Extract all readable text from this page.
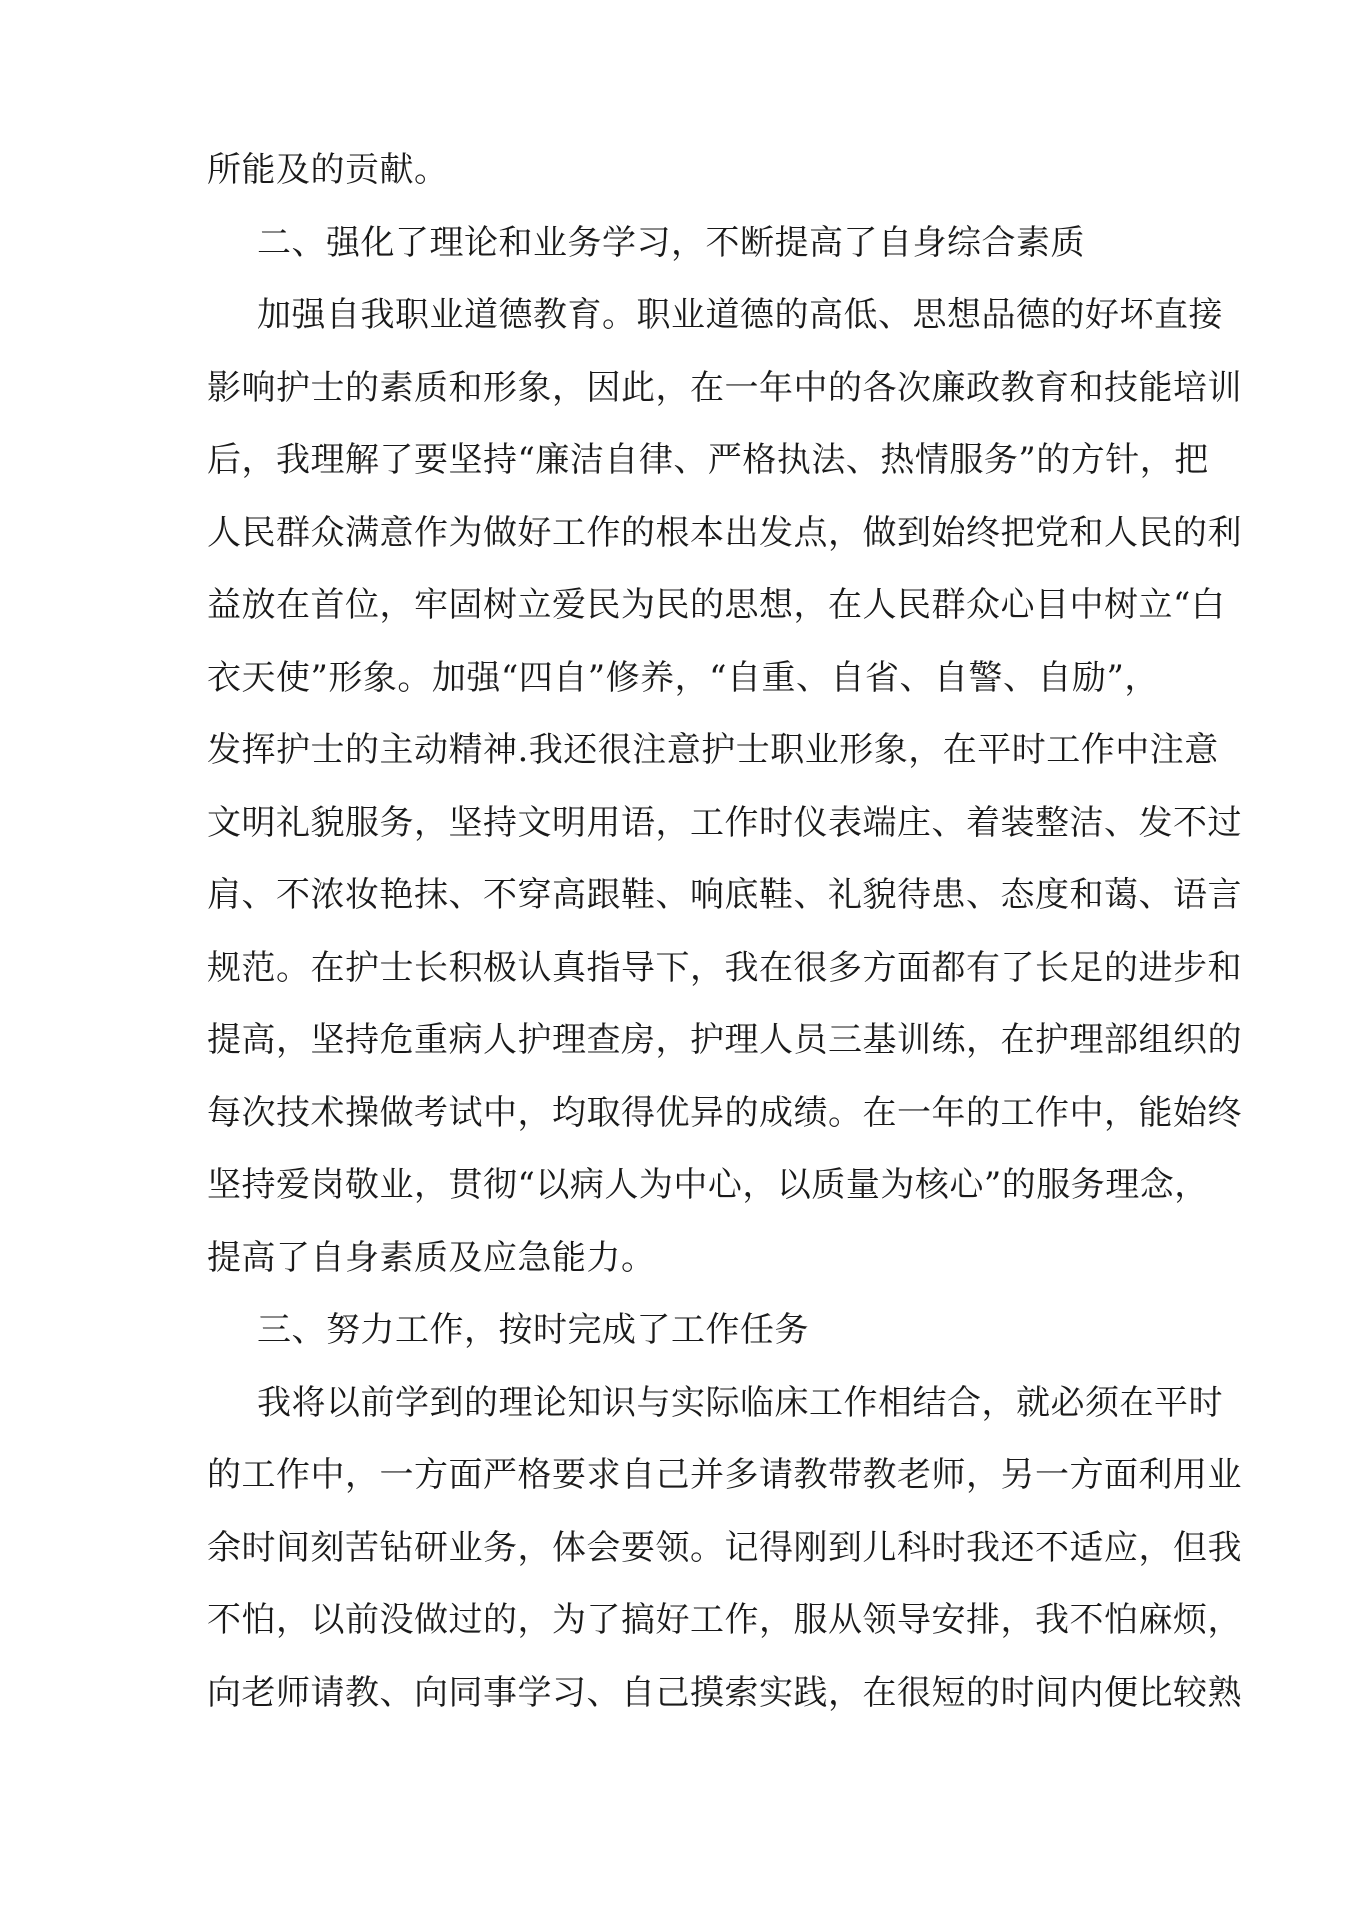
所能及的贡献。
二、强化了理论和业务学习，不断提高了自身综合素质
加强自我职业道德教育。职业道德的高低、思想品德的好坏直接
影响护士的素质和形象，因此，在一年中的各次廉政教育和技能培训
后，我理解了要坚持“廉洁自律、严格执法、热情服务”的方针，把
人民群众满意作为做好工作的根本出发点，做到始终把党和人民的利
益放在首位，牢固树立爱民为民的思想，在人民群众心目中树立“白
衣天使”形象。加强“四自”修养，“自重、自省、自警、自励”，
发挥护士的主动精神.我还很注意护士职业形象，在平时工作中注意
文明礼貌服务，坚持文明用语，工作时仪表端庄、着装整洁、发不过
肩、不浓妆艳抹、不穿高跟鞋、响底鞋、礼貌待患、态度和蔼、语言
规范。在护士长积极认真指导下，我在很多方面都有了长足的进步和
提高，坚持危重病人护理查房，护理人员三基训练，在护理部组织的
每次技术操做考试中，均取得优异的成绩。在一年的工作中，能始终
坚持爱岗敬业，贯彻“以病人为中心，以质量为核心”的服务理念，
提高了自身素质及应急能力。
三、努力工作，按时完成了工作任务
我将以前学到的理论知识与实际临床工作相结合，就必须在平时
的工作中，一方面严格要求自己并多请教带教老师，另一方面利用业
余时间刻苦钻研业务，体会要领。记得刚到儿科时我还不适应，但我
不怕，以前没做过的，为了搞好工作，服从领导安排，我不怕麻烦，
向老师请教、向同事学习、自己摸索实践，在很短的时间内便比较熟
